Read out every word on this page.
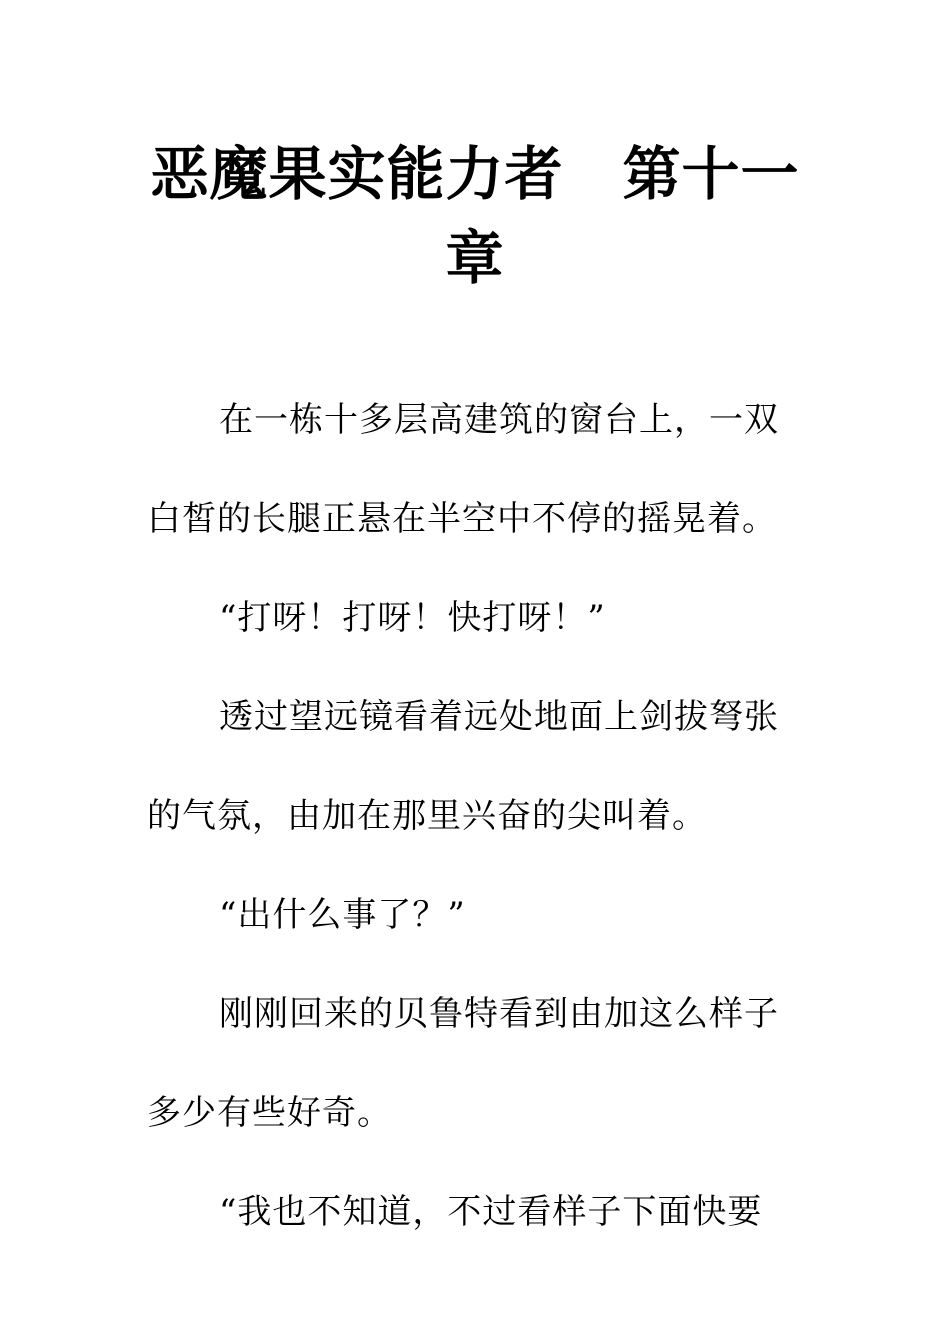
恶魔果实能力者　第十一章

在一栋十多层高建筑的窗台上，一双白皙的长腿正悬在半空中不停的摇晃着。

“打呀！打呀！快打呀！”

透过望远镜看着远处地面上剑拔弩张的气氛，由加在那里兴奋的尖叫着。

“出什么事了？”

刚刚回来的贝鲁特看到由加这么样子多少有些好奇。

“我也不知道，不过看样子下面快要
